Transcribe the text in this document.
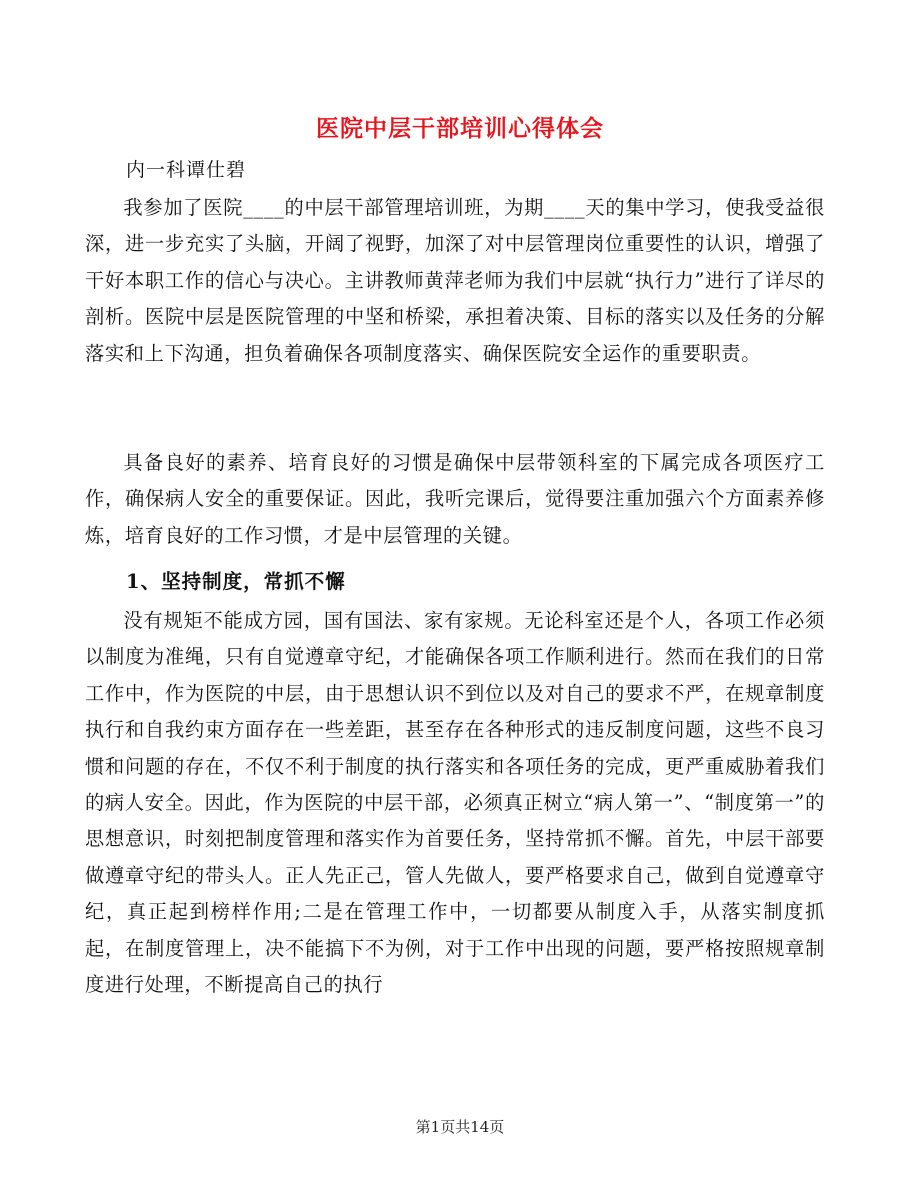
医院中层干部培训心得体会
内一科谭仕碧

我参加了医院____的中层干部管理培训班，为期____天的集中学习，使我受益很深，进一步充实了头脑，开阔了视野，加深了对中层管理岗位重要性的认识，增强了干好本职工作的信心与决心。主讲教师黄萍老师为我们中层就“执行力”进行了详尽的剖析。医院中层是医院管理的中坚和桥梁，承担着决策、目标的落实以及任务的分解落实和上下沟通，担负着确保各项制度落实、确保医院安全运作的重要职责。

具备良好的素养、培育良好的习惯是确保中层带领科室的下属完成各项医疗工作，确保病人安全的重要保证。因此，我听完课后，觉得要注重加强六个方面素养修炼，培育良好的工作习惯，才是中层管理的关键。

1、坚持制度，常抓不懈

没有规矩不能成方园，国有国法、家有家规。无论科室还是个人，各项工作必须以制度为准绳，只有自觉遵章守纪，才能确保各项工作顺利进行。然而在我们的日常工作中，作为医院的中层，由于思想认识不到位以及对自己的要求不严，在规章制度执行和自我约束方面存在一些差距，甚至存在各种形式的违反制度问题，这些不良习惯和问题的存在，不仅不利于制度的执行落实和各项任务的完成，更严重威胁着我们的病人安全。因此，作为医院的中层干部，必须真正树立“病人第一”、“制度第一”的思想意识，时刻把制度管理和落实作为首要任务，坚持常抓不懈。首先，中层干部要做遵章守纪的带头人。正人先正己，管人先做人，要严格要求自己，做到自觉遵章守纪，真正起到榜样作用;二是在管理工作中，一切都要从制度入手，从落实制度抓起，在制度管理上，决不能搞下不为例，对于工作中出现的问题，要严格按照规章制度进行处理，不断提高自己的执行

第1页共14页
